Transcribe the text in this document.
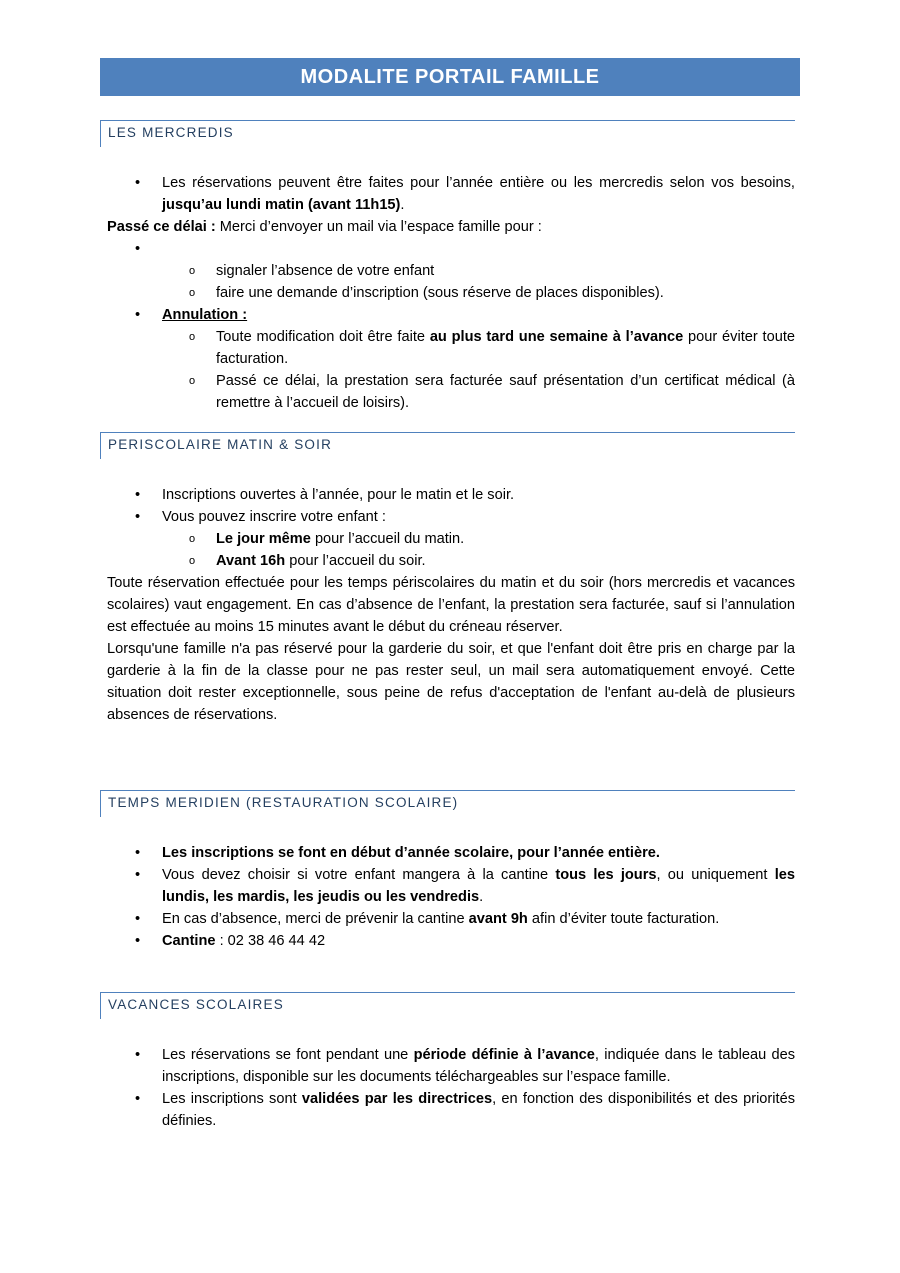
MODALITE PORTAIL FAMILLE
LES MERCREDIS
• Les réservations peuvent être faites pour l’année entière ou les mercredis selon vos besoins, jusqu’au lundi matin (avant 11h15).
Passé ce délai : Merci d’envoyer un mail via l’espace famille pour :
•
o signaler l’absence de votre enfant
o faire une demande d’inscription (sous réserve de places disponibles).
• Annulation :
o Toute modification doit être faite au plus tard une semaine à l’avance pour éviter toute facturation.
o Passé ce délai, la prestation sera facturée sauf présentation d’un certificat médical (à remettre à l’accueil de loisirs).
PERISCOLAIRE MATIN & SOIR
• Inscriptions ouvertes à l’année, pour le matin et le soir.
• Vous pouvez inscrire votre enfant :
o Le jour même pour l’accueil du matin.
o Avant 16h pour l’accueil du soir.
Toute réservation effectuée pour les temps périscolaires du matin et du soir (hors mercredis et vacances scolaires) vaut engagement. En cas d’absence de l’enfant, la prestation sera facturée, sauf si l’annulation est effectuée au moins 15 minutes avant le début du créneau réserver.
Lorsqu'une famille n'a pas réservé pour la garderie du soir, et que l'enfant doit être pris en charge par la garderie à la fin de la classe pour ne pas rester seul, un mail sera automatiquement envoyé. Cette situation doit rester exceptionnelle, sous peine de refus d'acceptation de l'enfant au-delà de plusieurs absences de réservations.
TEMPS MERIDIEN (RESTAURATION SCOLAIRE)
• Les inscriptions se font en début d’année scolaire, pour l’année entière.
• Vous devez choisir si votre enfant mangera à la cantine tous les jours, ou uniquement les lundis, les mardis, les jeudis ou les vendredis.
• En cas d’absence, merci de prévenir la cantine avant 9h afin d’éviter toute facturation.
• Cantine : 02 38 46 44 42
VACANCES SCOLAIRES
• Les réservations se font pendant une période définie à l’avance, indiquée dans le tableau des inscriptions, disponible sur les documents téléchargeables sur l’espace famille.
• Les inscriptions sont validées par les directrices, en fonction des disponibilités et des priorités définies.
